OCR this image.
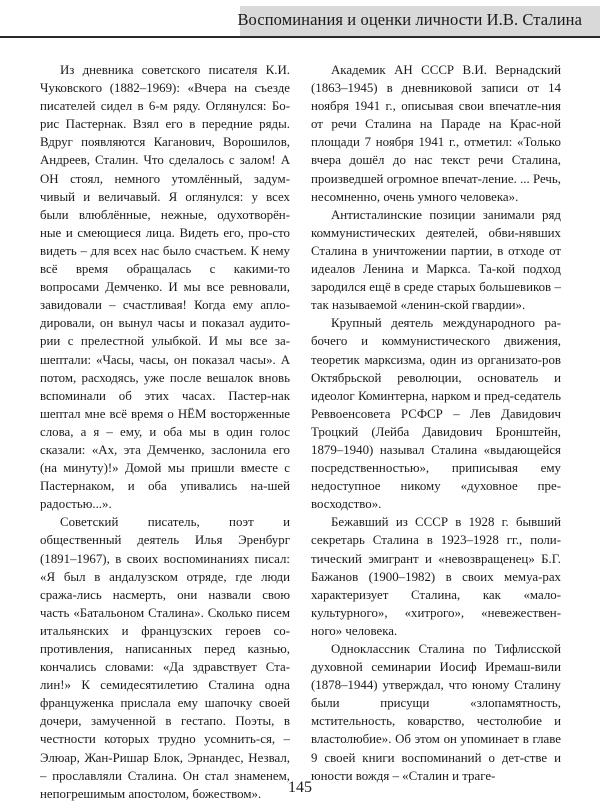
Воспоминания и оценки личности И.В. Сталина

Из дневника советского писателя К.И. Чуковского (1882–1969): «Вчера на съезде писателей сидел в 6-м ряду. Оглянулся: Бо-рис Пастернак. Взял его в передние ряды. Вдруг появляются Каганович, Ворошилов, Андреев, Сталин. Что сделалось с залом! А ОН стоял, немного утомлённый, задум-чивый и величавый. Я оглянулся: у всех были влюблённые, нежные, одухотворён-ные и смеющиеся лица. Видеть его, про-сто видеть – для всех нас было счастьем. К нему всё время обращалась с какими-то вопросами Демченко. И мы все ревновали, завидовали – счастливая! Когда ему апло-дировали, он вынул часы и показал аудито-рии с прелестной улыбкой. И мы все за-шептали: «Часы, часы, он показал часы». А потом, расходясь, уже после вешалок вновь вспоминали об этих часах. Пастер-нак шептал мне всё время о НЁМ восторженные слова, а я – ему, и оба мы в один голос сказали: «Ах, эта Демченко, заслонила его (на минуту)!» Домой мы пришли вместе с Пастернаком, и оба упивались на-шей радостью...».

Советский писатель, поэт и общественный деятель Илья Эренбург (1891–1967), в своих воспоминаниях писал: «Я был в андалузском отряде, где люди сража-лись насмерть, они назвали свою часть «Батальоном Сталина». Сколько писем итальянских и французских героев со-противления, написанных перед казнью, кончались словами: «Да здравствует Ста-лин!» К семидесятилетию Сталина одна француженка прислала ему шапочку своей дочери, замученной в гестапо. Поэты, в честности которых трудно усомнить-ся, – Элюар, Жан-Ришар Блок, Эрнандес, Незвал, – прославляли Сталина. Он стал знаменем, непогрешимым апостолом, божеством».

Академик АН СССР В.И. Вернадский (1863–1945) в дневниковой записи от 14 ноября 1941 г., описывая свои впечатле-ния от речи Сталина на Параде на Крас-ной площади 7 ноября 1941 г., отметил: «Только вчера дошёл до нас текст речи Сталина, произведшей огромное впечат-ление. ... Речь, несомненно, очень умного человека».

Антисталинские позиции занимали ряд коммунистических деятелей, обви-нявших Сталина в уничтожении партии, в отходе от идеалов Ленина и Маркса. Та-кой подход зародился ещё в среде старых большевиков – так называемой «ленин-ской гвардии».

Крупный деятель международного ра-бочего и коммунистического движения, теоретик марксизма, один из организато-ров Октябрьской революции, основатель и идеолог Коминтерна, нарком и пред-седатель Реввоенсовета РСФСР – Лев Давидович Троцкий (Лейба Давидович Бронштейн, 1879–1940) называл Сталина «выдающейся посредственностью», приписывая ему недоступное никому «духовное пре-восходство».

Бежавший из СССР в 1928 г. бывший секретарь Сталина в 1923–1928 гг., поли-тический эмигрант и «невозвращенец» Б.Г. Бажанов (1900–1982) в своих мемуа-рах характеризует Сталина, как «мало-культурного», «хитрого», «невежествен-ного» человека.

Одноклассник Сталина по Тифлисской духовной семинарии Иосиф Иремаш-вили (1878–1944) утверждал, что юному Сталину были присущи «злопамятность, мстительность, коварство, честолюбие и властолюбие». Об этом он упоминает в главе 9 своей книги воспоминаний о дет-стве и юности вождя – «Сталин и траге-

145
